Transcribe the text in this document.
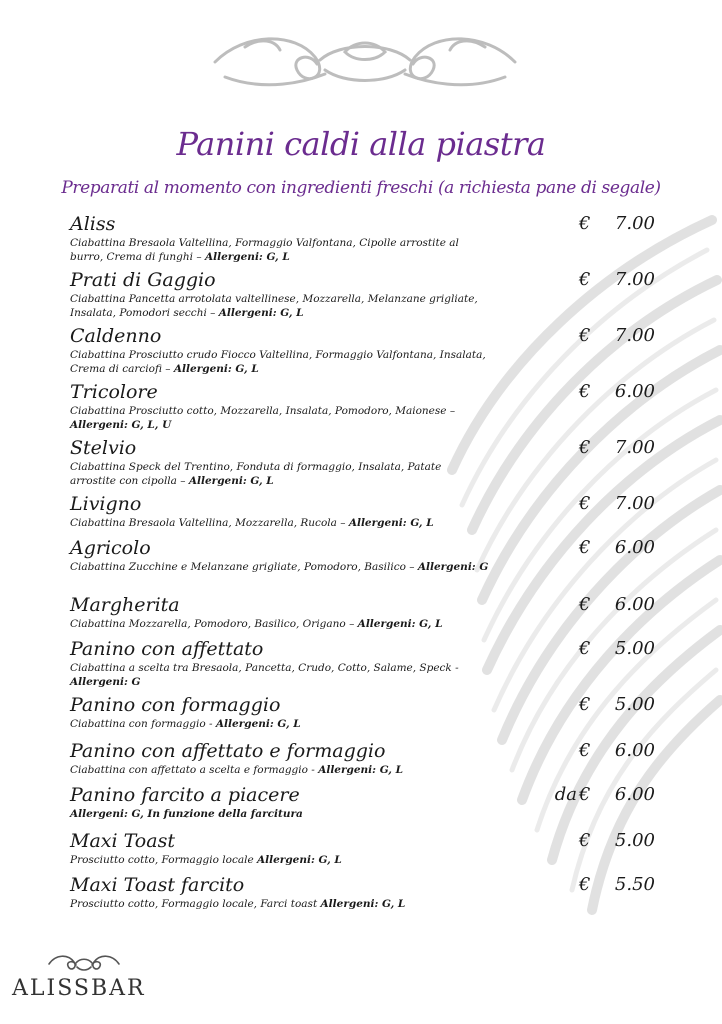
Panini caldi alla piastra
Preparati al momento con ingredienti freschi (a richiesta pane di segale)
Aliss	€ 7.00
Ciabattina Bresaola Valtellina, Formaggio Valfontana, Cipolle arrostite al burro, Crema di funghi – Allergeni: G, L
Prati di Gaggio	€ 7.00
Ciabattina Pancetta arrotolata valtellinese, Mozzarella, Melanzane grigliate, Insalata, Pomodori secchi – Allergeni: G, L
Caldenno	€ 7.00
Ciabattina Prosciutto crudo Fiocco Valtellina, Formaggio Valfontana, Insalata, Crema di carciofi – Allergeni: G, L
Tricolore	€ 6.00
Ciabattina Prosciutto cotto, Mozzarella, Insalata, Pomodoro, Maionese – Allergeni: G, L, U
Stelvio	€ 7.00
Ciabattina Speck del Trentino, Fonduta di formaggio, Insalata, Patate arrostite con cipolla – Allergeni: G, L
Livigno	€ 7.00
Ciabattina Bresaola Valtellina, Mozzarella, Rucola – Allergeni: G, L
Agricolo	€ 6.00
Ciabattina Zucchine e Melanzane grigliate, Pomodoro, Basilico – Allergeni: G
Margherita	€ 6.00
Ciabattina Mozzarella, Pomodoro, Basilico, Origano – Allergeni: G, L
Panino con affettato	€ 5.00
Ciabattina a scelta tra Bresaola, Pancetta, Crudo, Cotto, Salame, Speck - Allergeni: G
Panino con formaggio	€ 5.00
Ciabattina con formaggio - Allergeni: G, L
Panino con affettato e formaggio	€ 6.00
Ciabattina con affettato a scelta e formaggio - Allergeni: G, L
Panino farcito a piacere	da € 6.00
Allergeni: G, In funzione della farcitura
Maxi Toast	€ 5.00
Prosciutto cotto, Formaggio locale Allergeni: G, L
Maxi Toast farcito	€ 5.50
Prosciutto cotto, Formaggio locale, Farci toast Allergeni: G, L
ALISSBAR
